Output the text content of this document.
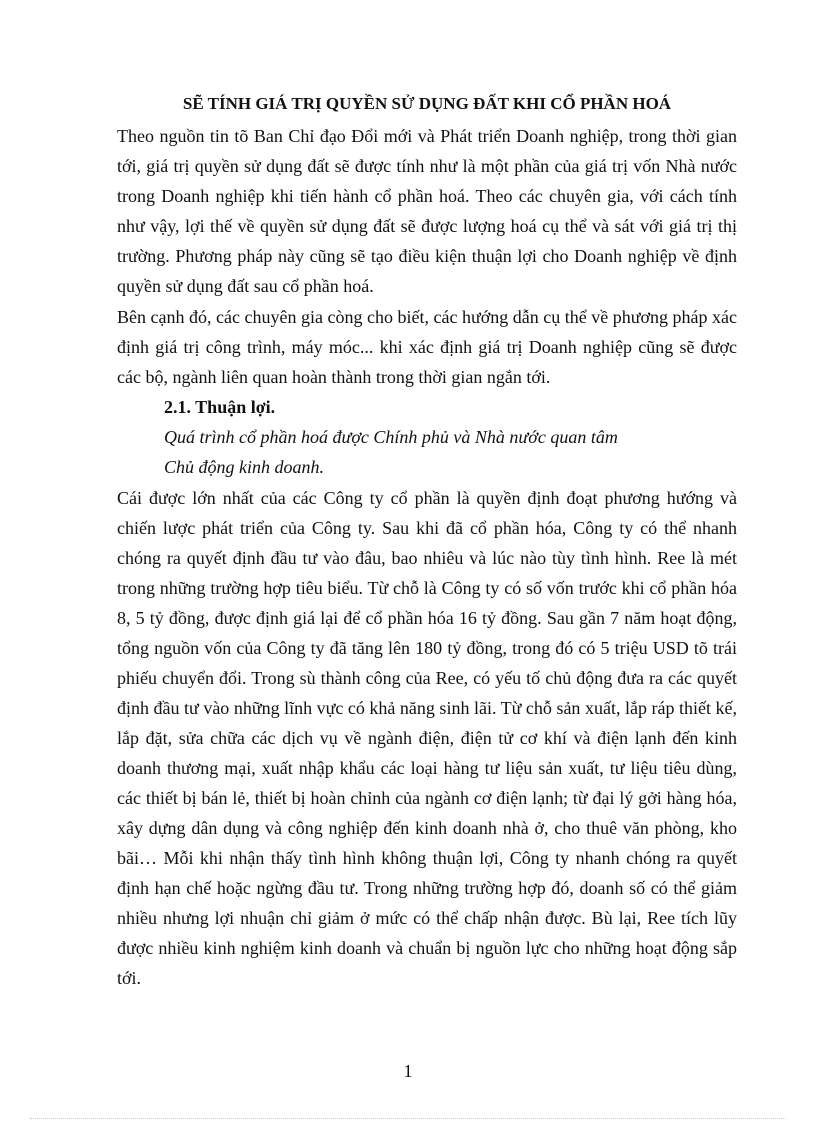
SẼ TÍNH GIÁ TRỊ QUYỀN SỬ DỤNG ĐẤT KHI CỔ PHẦN HOÁ
Theo nguồn tin tõ Ban Chỉ đạo Đổi mới và Phát triển Doanh nghiệp, trong thời gian tới, giá trị quyền sử dụng đất sẽ được tính như là một phần của giá trị vốn Nhà nước trong Doanh nghiệp khi tiến hành cổ phần hoá. Theo các chuyên gia, với cách tính như vậy, lợi thế về quyền sử dụng đất sẽ được lượng hoá cụ thể và sát với giá trị thị trường. Phương pháp này cũng sẽ tạo điều kiện thuận lợi cho Doanh nghiệp về định quyền sử dụng đất sau cổ phần hoá.
Bên cạnh đó, các chuyên gia còng cho biết, các hướng dẫn cụ thể về phương pháp xác định giá trị công trình, máy móc... khi xác định giá trị Doanh nghiệp cũng sẽ được các bộ, ngành liên quan hoàn thành trong thời gian ngắn tới.
2.1. Thuận lợi.
Quá trình cổ phần hoá được Chính phủ và Nhà nước quan tâm
Chủ động kinh doanh.
Cái được lớn nhất của các Công ty cổ phần là quyền định đoạt phương hướng và chiến lược phát triển của Công ty. Sau khi đã cổ phần hóa, Công ty có thể nhanh chóng ra quyết định đầu tư vào đâu, bao nhiêu và lúc nào tùy tình hình. Ree là mét trong những trường hợp tiêu biểu. Từ chỗ là Công ty có số vốn trước khi cổ phần hóa 8, 5 tỷ đồng, được định giá lại để cổ phần hóa 16 tỷ đồng. Sau gần 7 năm hoạt động, tổng nguồn vốn của Công ty đã tăng lên 180 tỷ đồng, trong đó có 5 triệu USD tõ trái phiếu chuyển đổi. Trong sù thành công của Ree, có yếu tố chủ động đưa ra các quyết định đầu tư vào những lĩnh vực có khả năng sinh lãi. Từ chỗ sản xuất, lắp ráp thiết kế, lắp đặt, sửa chữa các dịch vụ về ngành điện, điện tử cơ khí và điện lạnh đến kinh doanh thương mại, xuất nhập khẩu các loại hàng tư liệu sản xuất, tư liệu tiêu dùng, các thiết bị bán lẻ, thiết bị hoàn chỉnh của ngành cơ điện lạnh; từ đại lý gởi hàng hóa, xây dựng dân dụng và công nghiệp đến kinh doanh nhà ở, cho thuê văn phòng, kho bãi… Mỗi khi nhận thấy tình hình không thuận lợi, Công ty nhanh chóng ra quyết định hạn chế hoặc ngừng đầu tư. Trong những trường hợp đó, doanh số có thể giảm nhiều nhưng lợi nhuận chỉ giảm ở mức có thể chấp nhận được. Bù lại, Ree tích lũy được nhiều kinh nghiệm kinh doanh và chuẩn bị nguồn lực cho những hoạt động sắp tới.
1
